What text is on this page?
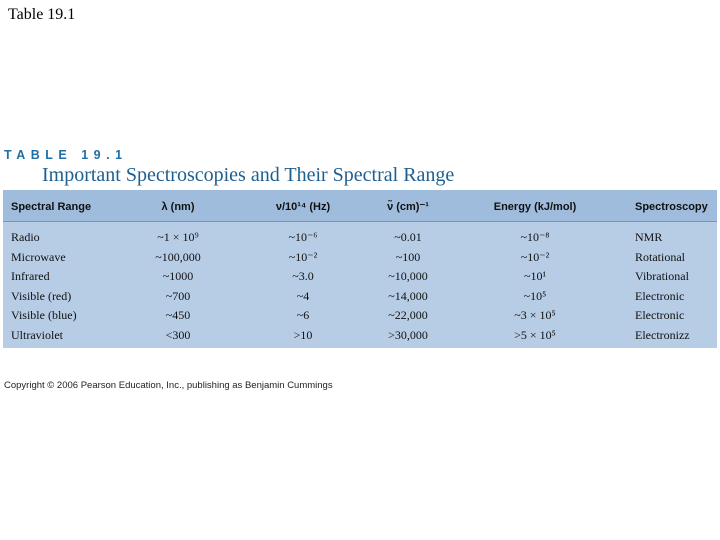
Table 19.1
TABLE 19.1
Important Spectroscopies and Their Spectral Range
Spectral Range	λ (nm)	ν/10¹⁴ (Hz)	ν̃ (cm)⁻¹	Energy (kJ/mol)	Spectroscopy
Radio	~1 × 10⁹	~10⁻⁶	~0.01	~10⁻⁸	NMR
Microwave	~100,000	~10⁻²	~100	~10⁻²	Rotational
Infrared	~1000	~3.0	~10,000	~10¹	Vibrational
Visible (red)	~700	~4	~14,000	~10⁵	Electronic
Visible (blue)	~450	~6	~22,000	~3 × 10⁵	Electronic
Ultraviolet	<300	>10	>30,000	>5 × 10⁵	Electronizz
Copyright © 2006 Pearson Education, Inc., publishing as Benjamin Cummings
